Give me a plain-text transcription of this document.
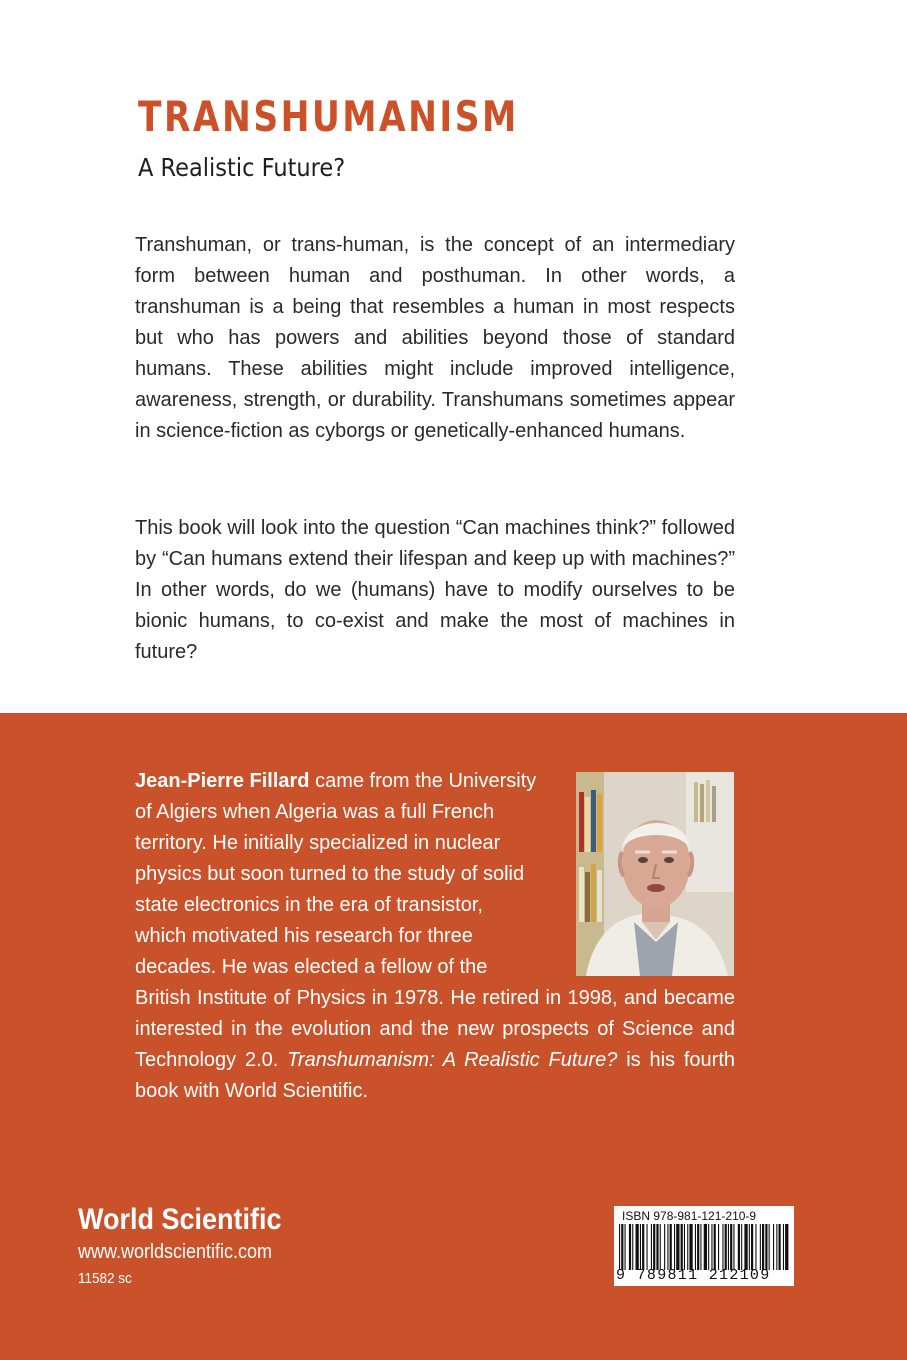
TRANSHUMANISM
A Realistic Future?

Transhuman, or trans-human, is the concept of an intermediary form between human and posthuman. In other words, a transhuman is a being that resembles a human in most respects but who has powers and abilities beyond those of standard humans. These abilities might include improved intelligence, awareness, strength, or durability. Transhumans sometimes appear in science-fiction as cyborgs or genetically-enhanced humans.

This book will look into the question “Can machines think?” followed by “Can humans extend their lifespan and keep up with machines?” In other words, do we (humans) have to modify ourselves to be bionic humans, to co-exist and make the most of machines in future?

Jean-Pierre Fillard came from the University
of Algiers when Algeria was a full French
territory. He initially specialized in nuclear
physics but soon turned to the study of solid
state electronics in the era of transistor,
which motivated his research for three
decades. He was elected a fellow of the
British Institute of Physics in 1978. He retired in 1998, and became interested in the evolution and the new prospects of Science and Technology 2.0. Transhumanism: A Realistic Future? is his fourth book with World Scientific.
World Scientific
www.worldscientific.com
11582 sc
ISBN 978-981-121-210-9
9 789811 212109
